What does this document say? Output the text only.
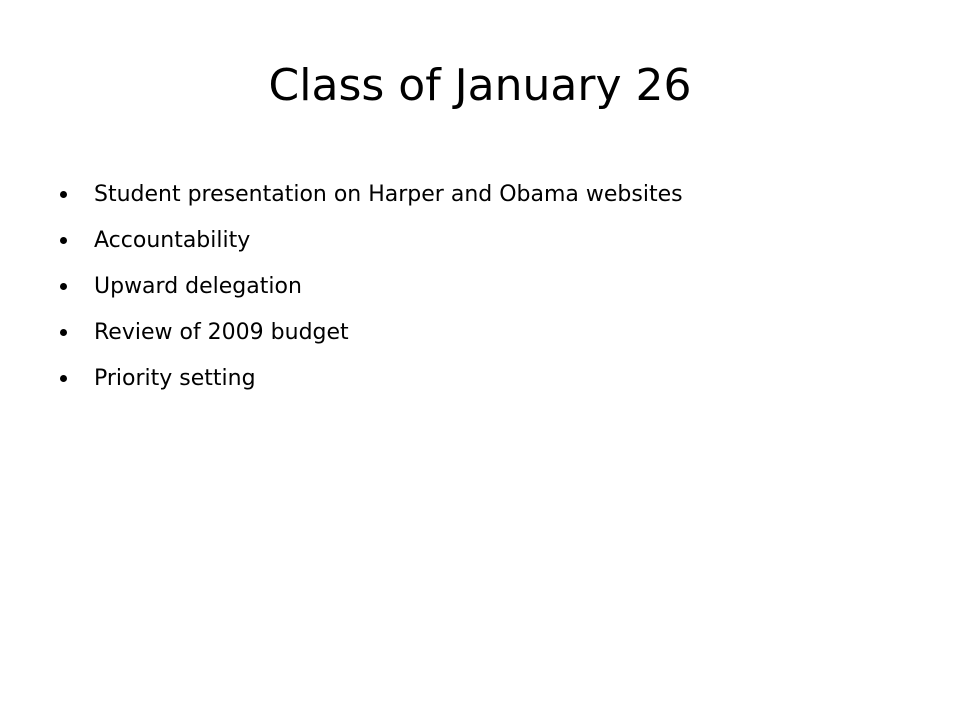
Class of January 26
Student presentation on Harper and Obama websites
Accountability
Upward delegation
Review of 2009 budget
Priority setting
